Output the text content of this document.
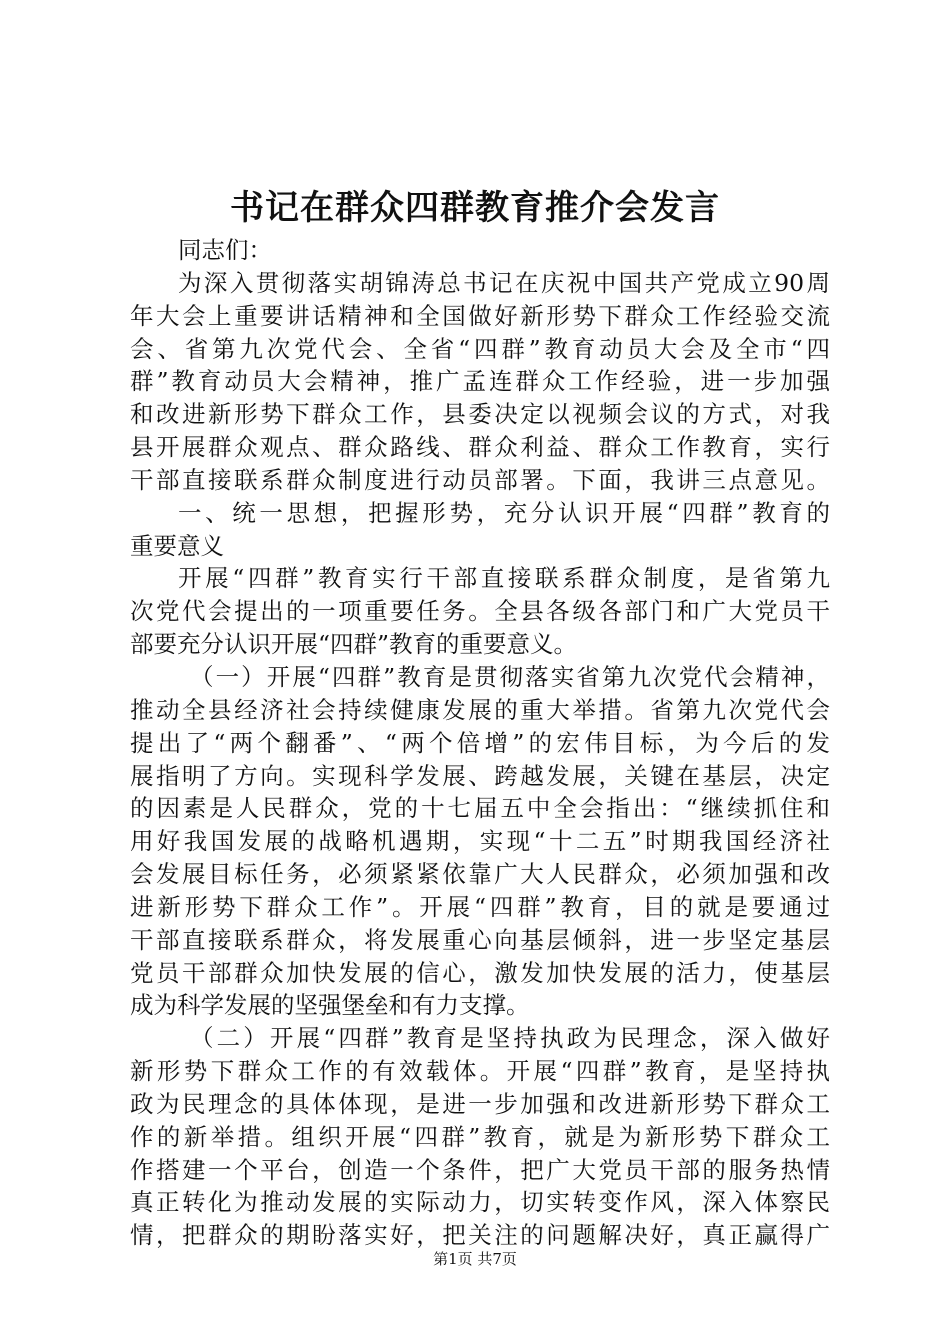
书记在群众四群教育推介会发言
同志们：
为深入贯彻落实胡锦涛总书记在庆祝中国共产党成立90周
年大会上重要讲话精神和全国做好新形势下群众工作经验交流
会、省第九次党代会、全省“四群”教育动员大会及全市“四
群”教育动员大会精神，推广孟连群众工作经验，进一步加强
和改进新形势下群众工作，县委决定以视频会议的方式，对我
县开展群众观点、群众路线、群众利益、群众工作教育，实行
干部直接联系群众制度进行动员部署。下面，我讲三点意见。
一、统一思想，把握形势，充分认识开展“四群”教育的
重要意义
开展“四群”教育实行干部直接联系群众制度，是省第九
次党代会提出的一项重要任务。全县各级各部门和广大党员干
部要充分认识开展“四群”教育的重要意义。
（一）开展“四群”教育是贯彻落实省第九次党代会精神，
推动全县经济社会持续健康发展的重大举措。省第九次党代会
提出了“两个翻番”、“两个倍增”的宏伟目标，为今后的发
展指明了方向。实现科学发展、跨越发展，关键在基层，决定
的因素是人民群众，党的十七届五中全会指出：“继续抓住和
用好我国发展的战略机遇期，实现“十二五”时期我国经济社
会发展目标任务，必须紧紧依靠广大人民群众，必须加强和改
进新形势下群众工作”。开展“四群”教育，目的就是要通过
干部直接联系群众，将发展重心向基层倾斜，进一步坚定基层
党员干部群众加快发展的信心，激发加快发展的活力，使基层
成为科学发展的坚强堡垒和有力支撑。
（二）开展“四群”教育是坚持执政为民理念，深入做好
新形势下群众工作的有效载体。开展“四群”教育，是坚持执
政为民理念的具体体现，是进一步加强和改进新形势下群众工
作的新举措。组织开展“四群”教育，就是为新形势下群众工
作搭建一个平台，创造一个条件，把广大党员干部的服务热情
真正转化为推动发展的实际动力，切实转变作风，深入体察民
情，把群众的期盼落实好，把关注的问题解决好，真正赢得广
第1页 共7页
